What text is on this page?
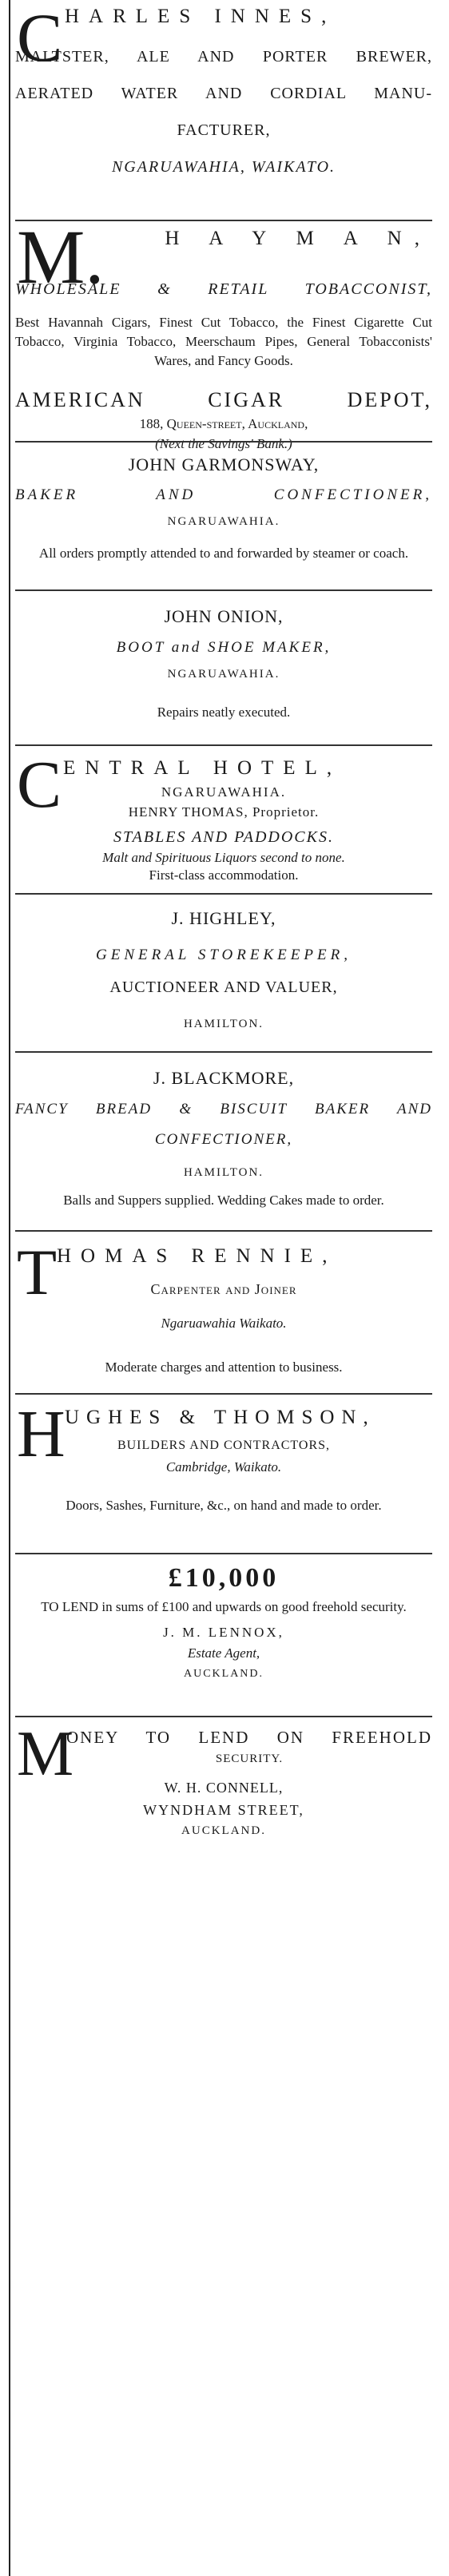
C HARLES INNES,
MALTSTER, ALE AND PORTER BREWER,
AERATED WATER AND CORDIAL MANU-
FACTURER,
NGARUAWAHIA, WAIKATO.
M.	H A Y M A N,
WHOLESALE & RETAIL TOBACCONIST,
Best Havannah Cigars, Finest Cut Tobacco, the Finest Cigarette Cut Tobacco, Virginia Tobacco, Meerschaum Pipes, General Tobacconists' Wares, and Fancy Goods.
AMERICAN CIGAR DEPOT,
188, Queen-street, Auckland,
(Next the Savings' Bank.)
JOHN GARMONSWAY,
BAKER AND CONFECTIONER,
NGARUAWAHIA.
All orders promptly attended to and forwarded by steamer or coach.
JOHN ONION,
BOOT and SHOE MAKER,
NGARUAWAHIA.
Repairs neatly executed.
C ENTRAL HOTEL,
NGARUAWAHIA.
HENRY THOMAS, Proprietor.
STABLES AND PADDOCKS.
Malt and Spirituous Liquors second to none.
First-class accommodation.
J. HIGHLEY,
GENERAL STOREKEEPER,
AUCTIONEER AND VALUER,
HAMILTON.
J. BLACKMORE,
FANCY BREAD & BISCUIT BAKER AND
CONFECTIONER,
HAMILTON.
Balls and Suppers supplied. Wedding Cakes made to order.
T HOMAS RENNIE,
Carpenter and Joiner
Ngaruawahia Waikato.
Moderate charges and attention to business.
H UGHES & THOMSON,
BUILDERS AND CONTRACTORS,
Cambridge, Waikato.
Doors, Sashes, Furniture, &c., on hand and made to order.
£10,000
TO LEND in sums of £100 and upwards on good freehold security.
J. M. LENNOX,
Estate Agent,
AUCKLAND.
M
ONEY TO LEND ON FREEHOLD
SECURITY.
W. H. CONNELL,
WYNDHAM STREET,
AUCKLAND.
